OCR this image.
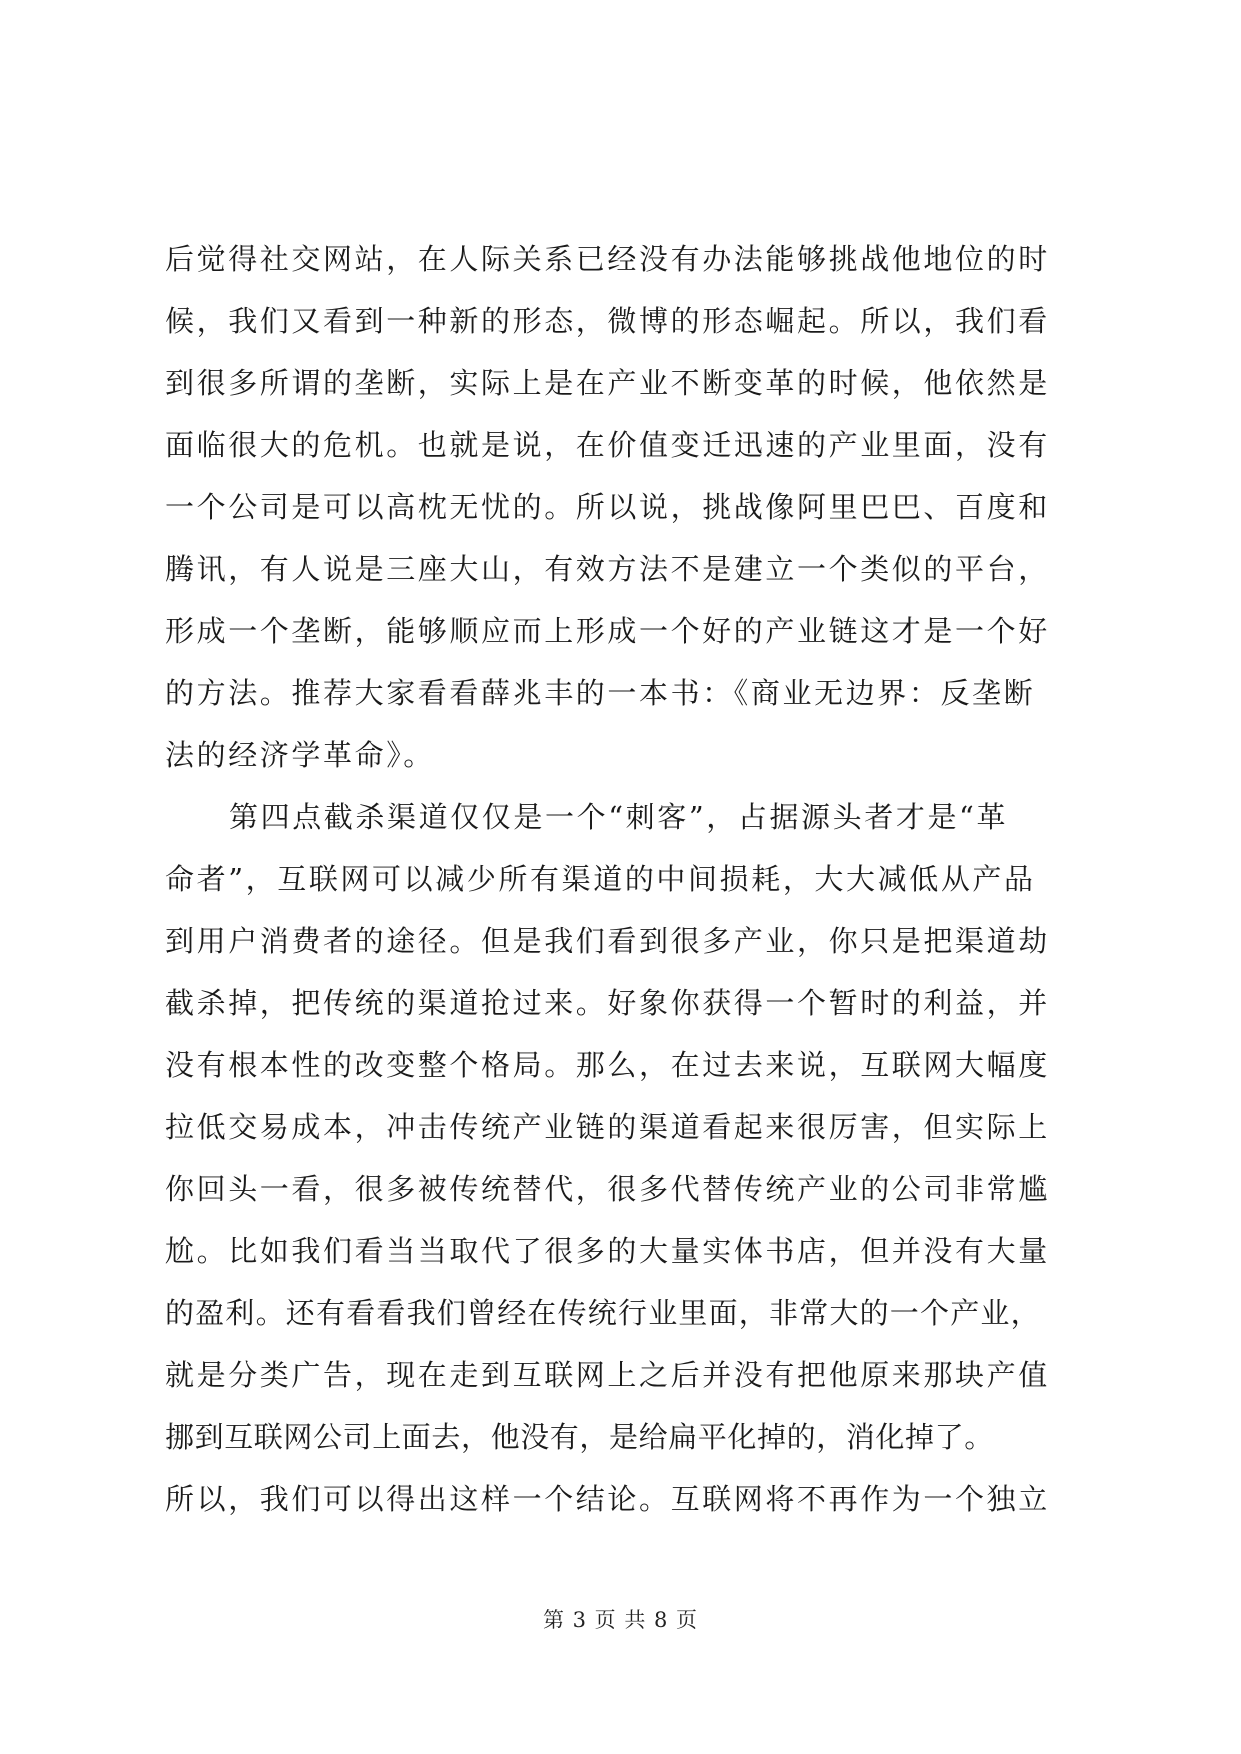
后觉得社交网站，在人际关系已经没有办法能够挑战他地位的时
候，我们又看到一种新的形态，微博的形态崛起。所以，我们看
到很多所谓的垄断，实际上是在产业不断变革的时候，他依然是
面临很大的危机。也就是说，在价值变迁迅速的产业里面，没有
一个公司是可以高枕无忧的。所以说，挑战像阿里巴巴、百度和
腾讯，有人说是三座大山，有效方法不是建立一个类似的平台，
形成一个垄断，能够顺应而上形成一个好的产业链这才是一个好
的方法。推荐大家看看薛兆丰的一本书：《商业无边界：反垄断
法的经济学革命》。
第四点截杀渠道仅仅是一个“刺客”，占据源头者才是“革
命者”，互联网可以减少所有渠道的中间损耗，大大减低从产品
到用户消费者的途径。但是我们看到很多产业，你只是把渠道劫
截杀掉，把传统的渠道抢过来。好象你获得一个暂时的利益，并
没有根本性的改变整个格局。那么，在过去来说，互联网大幅度
拉低交易成本，冲击传统产业链的渠道看起来很厉害，但实际上
你回头一看，很多被传统替代，很多代替传统产业的公司非常尴
尬。比如我们看当当取代了很多的大量实体书店，但并没有大量
的盈利。还有看看我们曾经在传统行业里面，非常大的一个产业，
就是分类广告，现在走到互联网上之后并没有把他原来那块产值
挪到互联网公司上面去，他没有，是给扁平化掉的，消化掉了。
所以，我们可以得出这样一个结论。互联网将不再作为一个独立
第 3 页 共 8 页
